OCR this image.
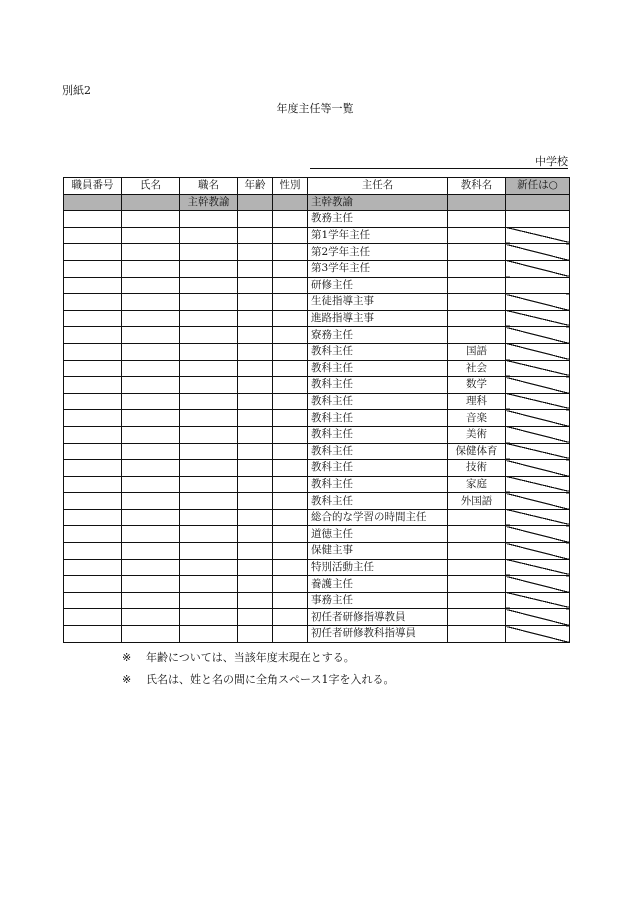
別紙2
年度主任等一覧
中学校
職員番号	氏名	職名	年齢	性別	主任名	教科名	新任は○
		主幹教諭			主幹教諭		
					教務主任		
					第1学年主任		
					第2学年主任		
					第3学年主任		
					研修主任		
					生徒指導主事		
					進路指導主事		
					寮務主任		
					教科主任	国語	
					教科主任	社会	
					教科主任	数学	
					教科主任	理科	
					教科主任	音楽	
					教科主任	美術	
					教科主任	保健体育	
					教科主任	技術	
					教科主任	家庭	
					教科主任	外国語	
					総合的な学習の時間主任		
					道徳主任		
					保健主事		
					特別活動主任		
					養護主任		
					事務主任		
					初任者研修指導教員		
					初任者研修教科指導員		
※	年齢については、当該年度末現在とする。
※	氏名は、姓と名の間に全角スペース1字を入れる。
